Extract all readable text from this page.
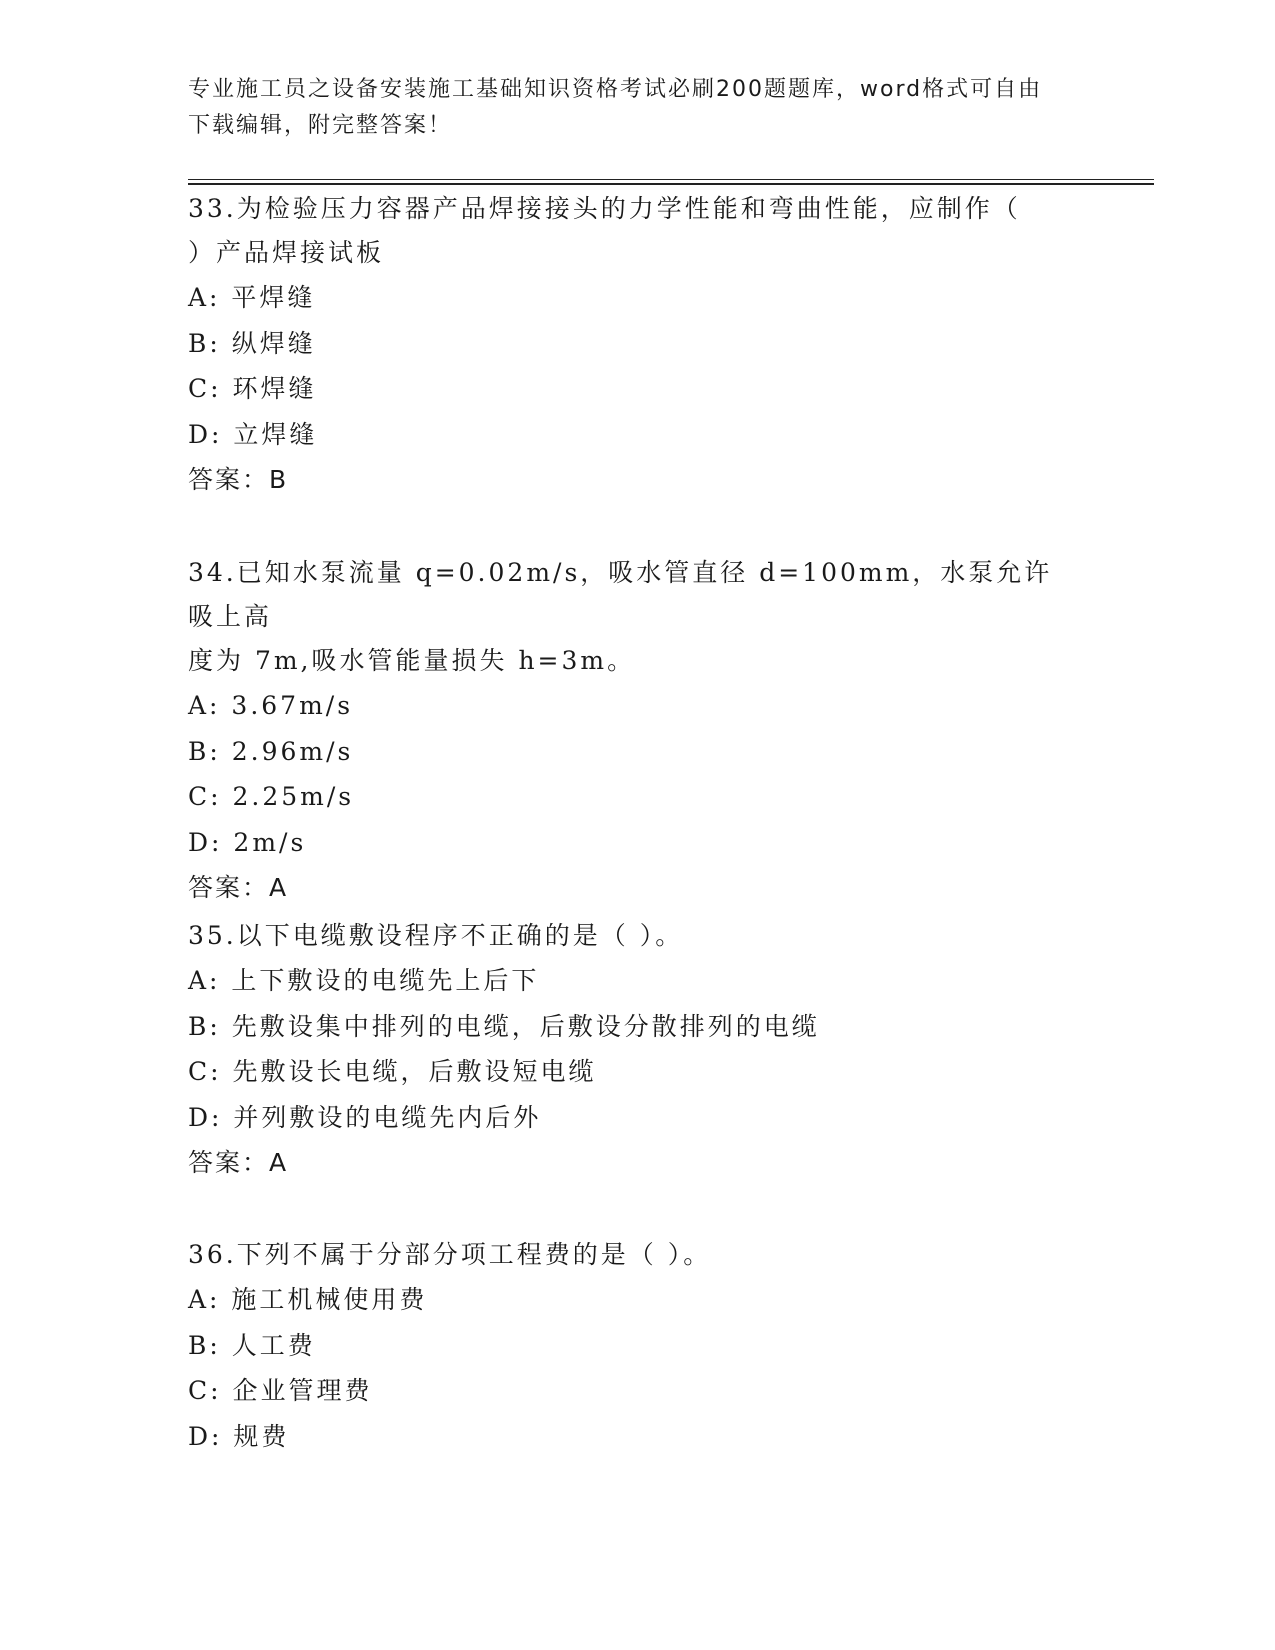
专业施工员之设备安装施工基础知识资格考试必刷200题题库，word格式可自由
下载编辑，附完整答案！
33.为检验压力容器产品焊接接头的力学性能和弯曲性能，应制作（
）产品焊接试板
A: 平焊缝
B: 纵焊缝
C: 环焊缝
D: 立焊缝
答案：B
34.已知水泵流量 q=0.02m/s，吸水管直径 d=100mm，水泵允许吸上高
度为 7m,吸水管能量损失 h=3m。
A: 3.67m/s
B: 2.96m/s
C: 2.25m/s
D: 2m/s
答案：A
35.以下电缆敷设程序不正确的是（ ）。
A: 上下敷设的电缆先上后下
B: 先敷设集中排列的电缆，后敷设分散排列的电缆
C: 先敷设长电缆，后敷设短电缆
D: 并列敷设的电缆先内后外
答案：A
36.下列不属于分部分项工程费的是（ ）。
A: 施工机械使用费
B: 人工费
C: 企业管理费
D: 规费
